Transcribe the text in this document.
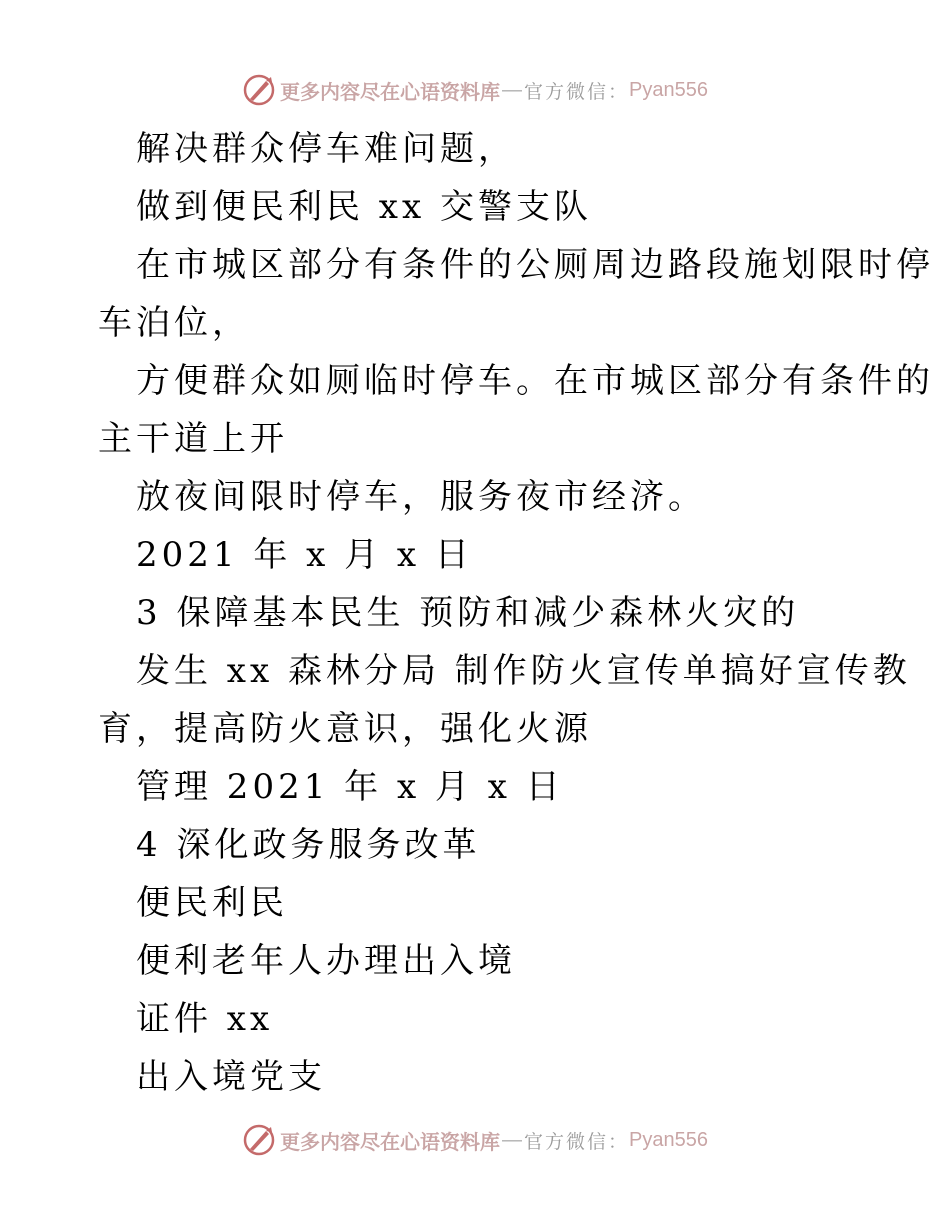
更多内容尽在心语资料库 — 官方微信： Pyan556

解决群众停车难问题，

做到便民利民 xx 交警支队

在市城区部分有条件的公厕周边路段施划限时停

车泊位，

方便群众如厕临时停车。在市城区部分有条件的

主干道上开

放夜间限时停车，服务夜市经济。

2021 年 x 月 x 日

3 保障基本民生 预防和减少森林火灾的

发生 xx 森林分局 制作防火宣传单搞好宣传教

育，提高防火意识，强化火源

管理 2021 年 x 月 x 日

4 深化政务服务改革

便民利民

便利老年人办理出入境

证件 xx

出入境党支

更多内容尽在心语资料库 — 官方微信： Pyan556
